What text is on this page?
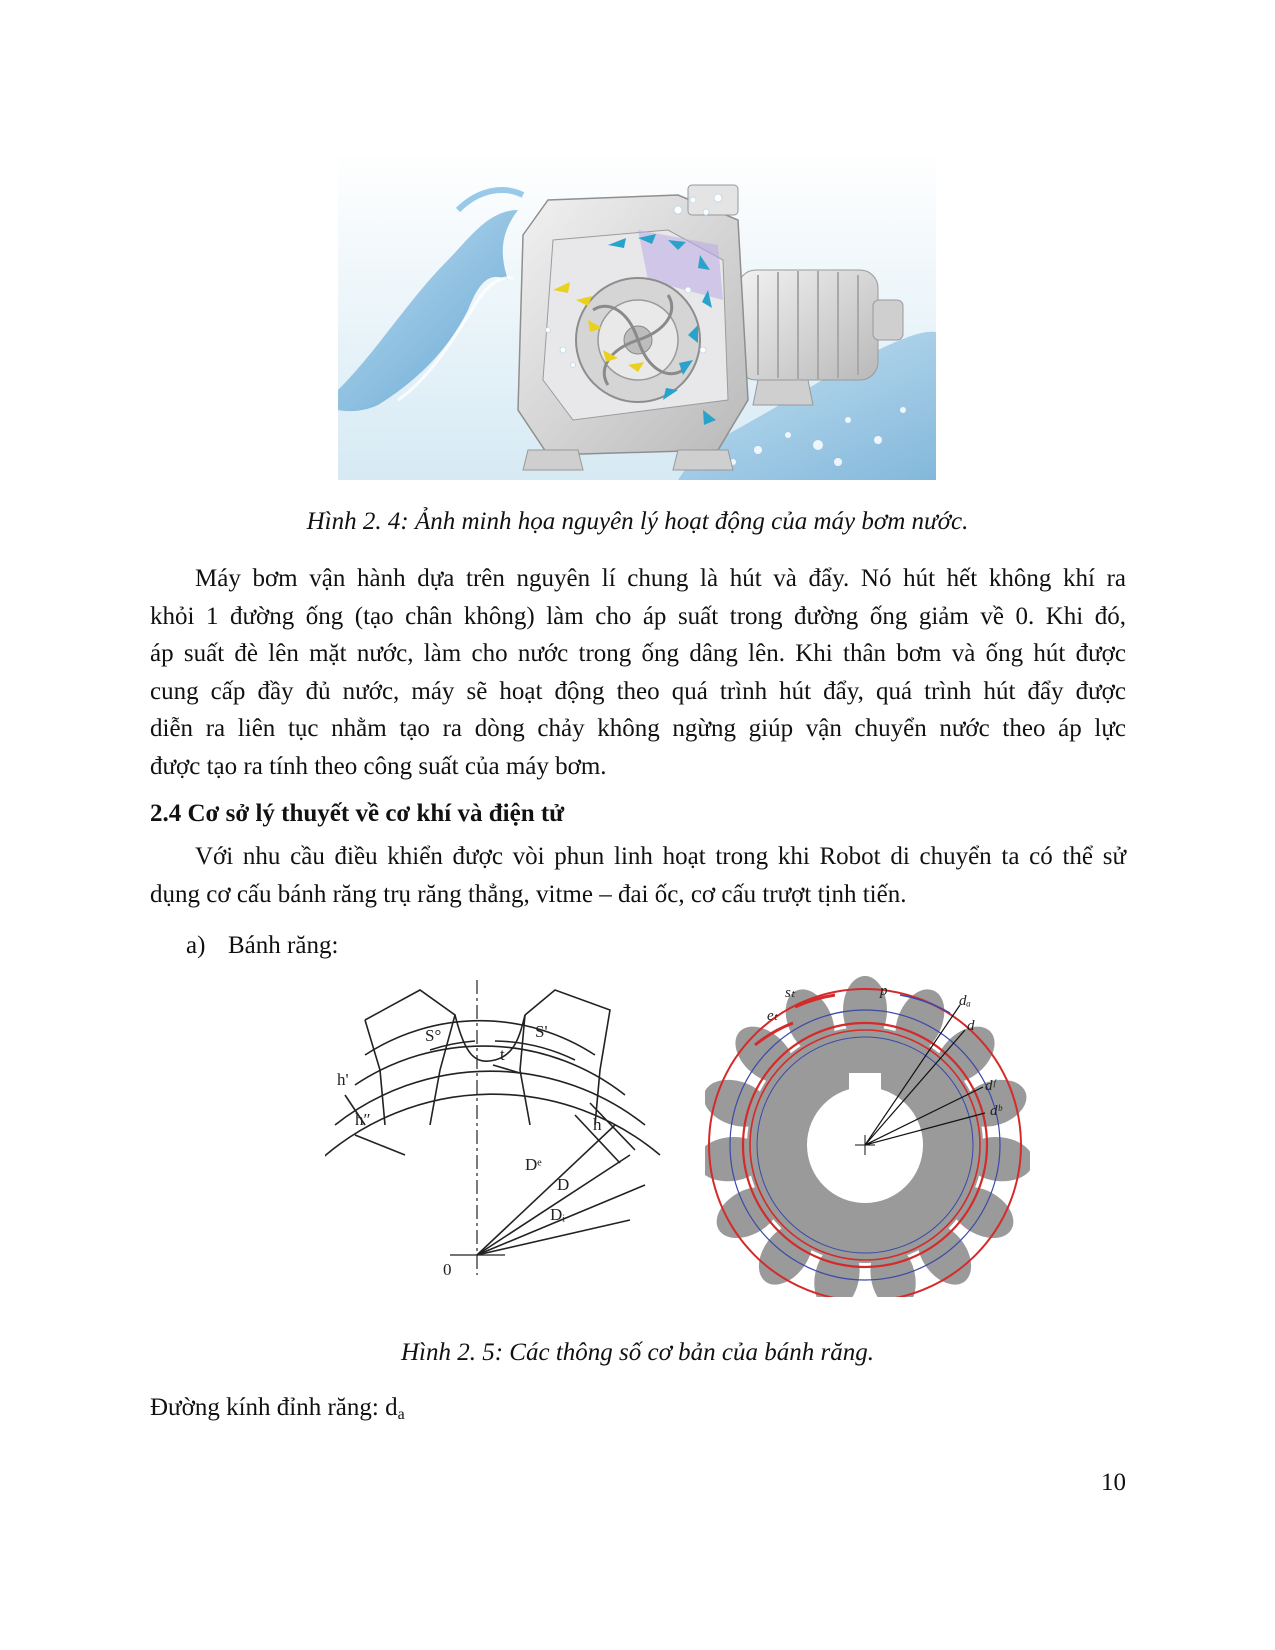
Hình 2. 4: Ảnh minh họa nguyên lý hoạt động của máy bơm nước.
Máy bơm vận hành dựa trên nguyên lí chung là hút và đẩy. Nó hút hết không khí ra
khỏi 1 đường ống (tạo chân không) làm cho áp suất trong đường ống giảm về 0. Khi đó,
áp suất đè lên mặt nước, làm cho nước trong ống dâng lên. Khi thân bơm và ống hút được
cung cấp đầy đủ nước, máy sẽ hoạt động theo quá trình hút đẩy, quá trình hút đẩy được
diễn ra liên tục nhằm tạo ra dòng chảy không ngừng giúp vận chuyển nước theo áp lực
được tạo ra tính theo công suất của máy bơm.
2.4 Cơ sở lý thuyết về cơ khí và điện tử
Với nhu cầu điều khiển được vòi phun linh hoạt trong khi Robot di chuyển ta có thể sử
dụng cơ cấu bánh răng trụ răng thẳng, vitme – đai ốc, cơ cấu trượt tịnh tiến.
a) Bánh răng:
S°	S'
t
h'
h″	h
Dᵉ
D
Dᵢ
0
sₜ
eₜ
p
dₐ
d
dᶠ
dᵇ
Hình 2. 5: Các thông số cơ bản của bánh răng.
Đường kính đỉnh răng: $d_a$
10
